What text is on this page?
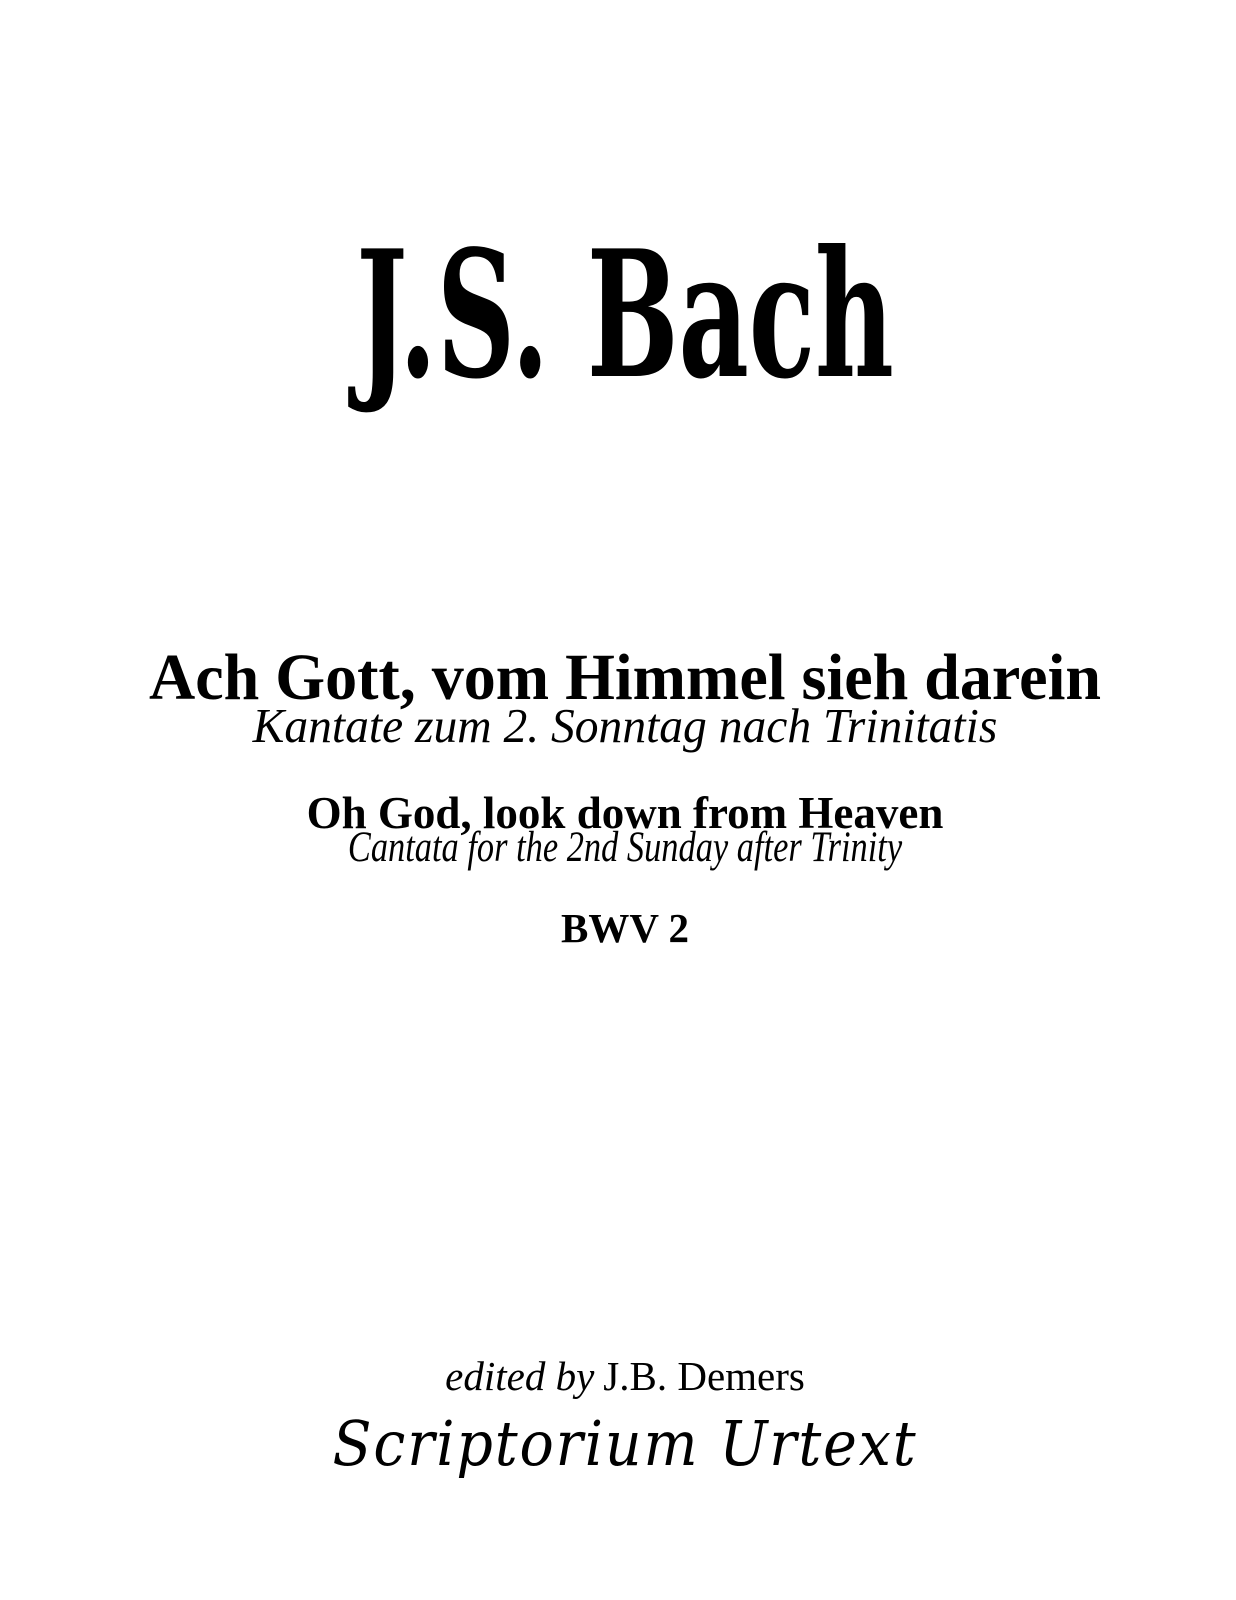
J.S. Bach
Ach Gott, vom Himmel sieh darein
Kantate zum 2. Sonntag nach Trinitatis
Oh God, look down from Heaven
Cantata for the 2nd Sunday after Trinity
BWV 2
edited by J.B. Demers
Scriptorium Urtext
